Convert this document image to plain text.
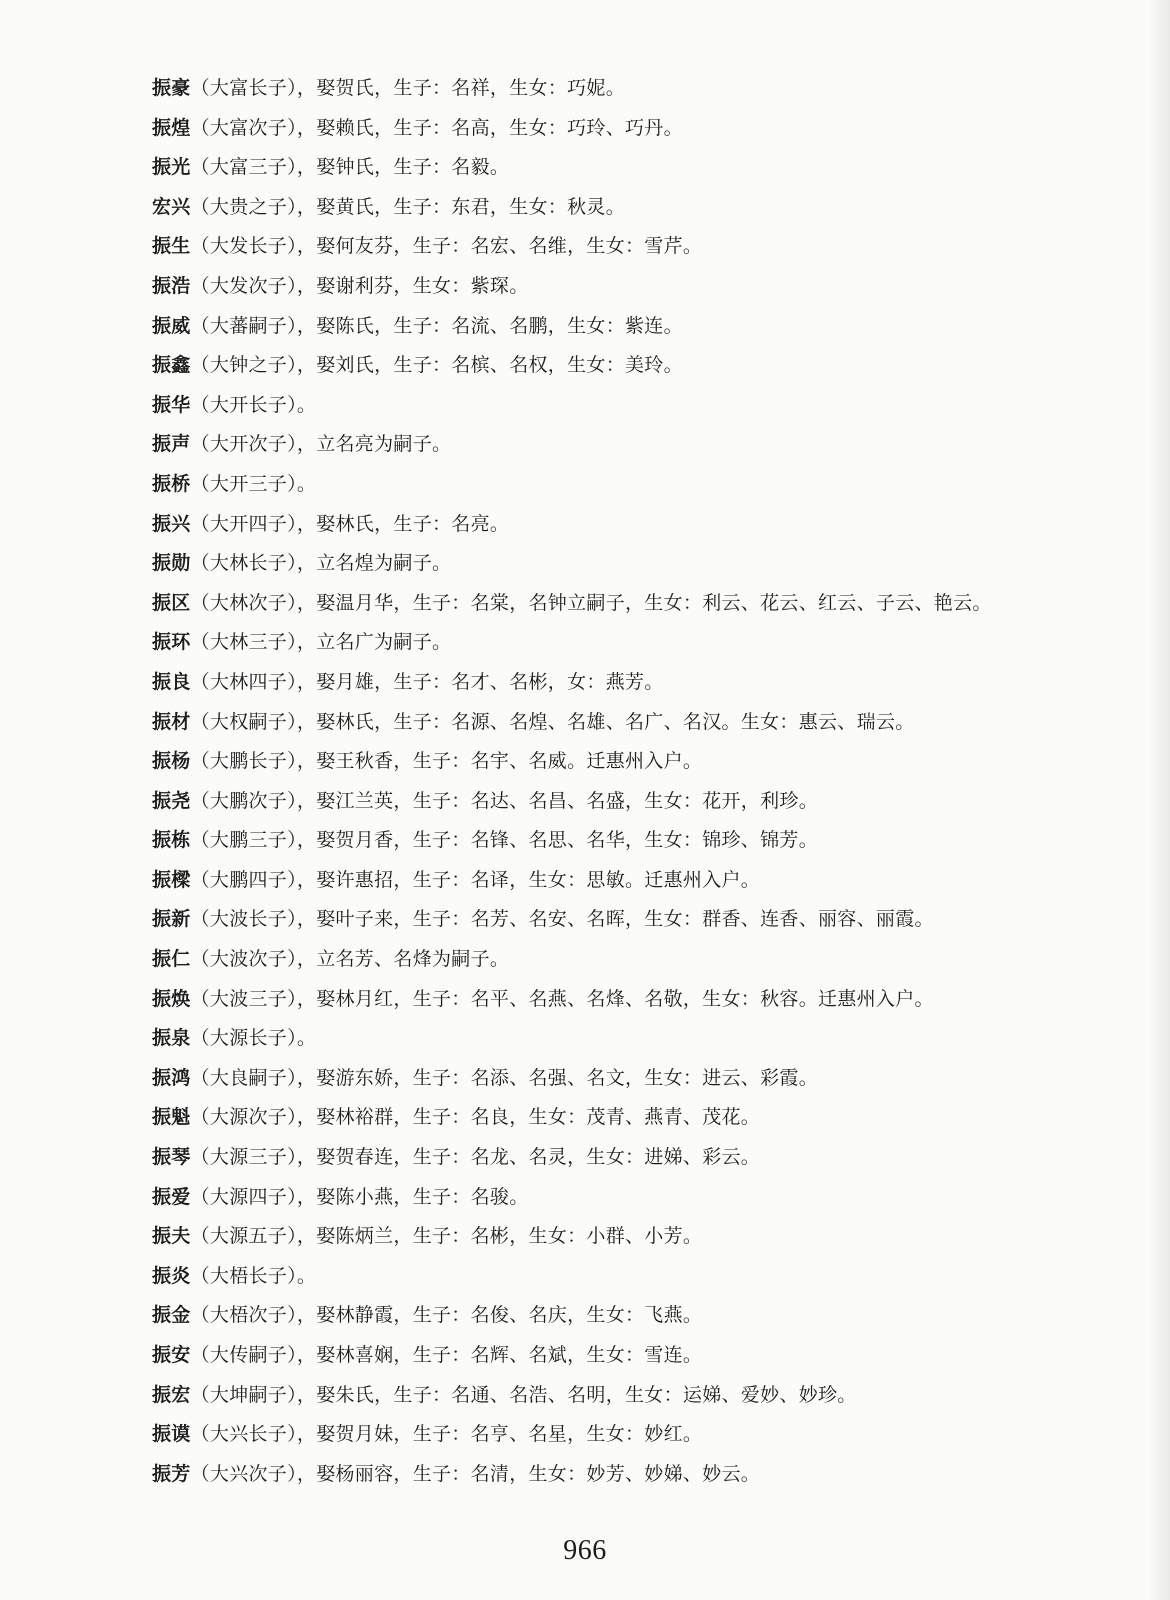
振豪（大富长子），娶贺氏，生子：名祥，生女：巧妮。
振煌（大富次子），娶赖氏，生子：名高，生女：巧玲、巧丹。
振光（大富三子），娶钟氏，生子：名毅。
宏兴（大贵之子），娶黄氏，生子：东君，生女：秋灵。
振生（大发长子），娶何友芬，生子：名宏、名维，生女：雪芹。
振浩（大发次子），娶谢利芬，生女：紫琛。
振威（大蕃嗣子），娶陈氏，生子：名流、名鹏，生女：紫连。
振鑫（大钟之子），娶刘氏，生子：名槟、名权，生女：美玲。
振华（大开长子）。
振声（大开次子），立名亮为嗣子。
振桥（大开三子）。
振兴（大开四子），娶林氏，生子：名亮。
振勋（大林长子），立名煌为嗣子。
振区（大林次子），娶温月华，生子：名棠，名钟立嗣子，生女：利云、花云、红云、子云、艳云。
振环（大林三子），立名广为嗣子。
振良（大林四子），娶月雄，生子：名才、名彬，女：燕芳。
振材（大权嗣子），娶林氏，生子：名源、名煌、名雄、名广、名汉。生女：惠云、瑞云。
振杨（大鹏长子），娶王秋香，生子：名宇、名威。迁惠州入户。
振尧（大鹏次子），娶江兰英，生子：名达、名昌、名盛，生女：花开，利珍。
振栋（大鹏三子），娶贺月香，生子：名锋、名思、名华，生女：锦珍、锦芳。
振樑（大鹏四子），娶许惠招，生子：名译，生女：思敏。迁惠州入户。
振新（大波长子），娶叶子来，生子：名芳、名安、名晖，生女：群香、连香、丽容、丽霞。
振仁（大波次子），立名芳、名烽为嗣子。
振焕（大波三子），娶林月红，生子：名平、名燕、名烽、名敬，生女：秋容。迁惠州入户。
振泉（大源长子）。
振鸿（大良嗣子），娶游东娇，生子：名添、名强、名文，生女：进云、彩霞。
振魁（大源次子），娶林裕群，生子：名良，生女：茂青、燕青、茂花。
振琴（大源三子），娶贺春连，生子：名龙、名灵，生女：进娣、彩云。
振爱（大源四子），娶陈小燕，生子：名骏。
振夫（大源五子），娶陈炳兰，生子：名彬，生女：小群、小芳。
振炎（大梧长子）。
振金（大梧次子），娶林静霞，生子：名俊、名庆，生女：飞燕。
振安（大传嗣子），娶林喜娴，生子：名辉、名斌，生女：雪连。
振宏（大坤嗣子），娶朱氏，生子：名通、名浩、名明，生女：运娣、爱妙、妙珍。
振谟（大兴长子），娶贺月妹，生子：名亨、名星，生女：妙红。
振芳（大兴次子），娶杨丽容，生子：名清，生女：妙芳、妙娣、妙云。
966
